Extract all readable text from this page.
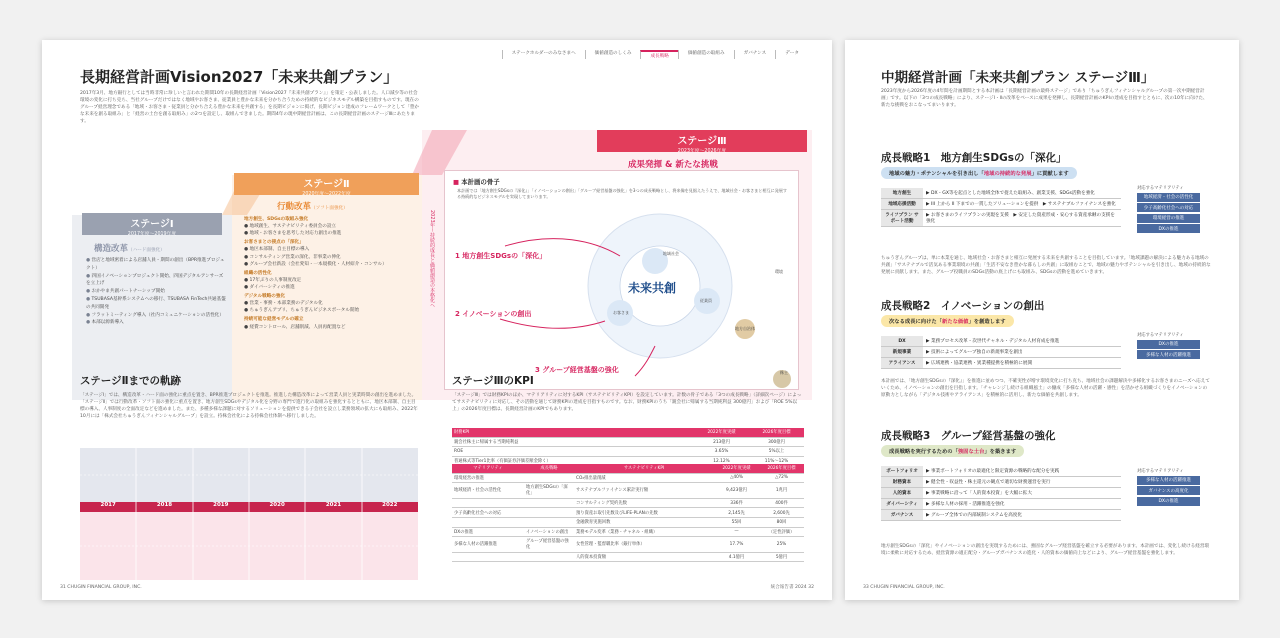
ステークホルダーのみなさまへ	価値創造のしくみ
成長戦略
価値創造の取組み	ガバナンス	データ
長期経営計画Vision2027「未来共創プラン」

2017年3月、地方銀行としては当時非常に珍しいと言われた期間10年の長期経営計画「Vision2027『未来共創プラン』」を策定・公表しました。人口減少等の社会環境の変化に打ち克ち、当社グループだけではなく地域やお客さま、従業員と豊かな未来を分かち合うための持続的なビジネスモデル構築を目指すものです。現在のグループ経営理念である「地域・お客さま・従業員と分かち合える豊かな未来を共創する」を長期ビジョンに掲げ、長期ビジョン達成のフレームワークとして「豊かな未来を創る取組み」と「経営の土台を創る取組み」の2つを設定し、取組んできました。期間4年の現中期経営計画は、この長期経営計画のステージⅢにあたります。

ステージⅠ
2017年度〜2019年度
構造改革（ハード面強化）
● 営店と地域密着による店舗人員・期間の創出（BPR推進プロジェクト）
● 四国イノベーションプロジェクト開始、四国デジタルアンサーズを立上げ
● おかやま共創パートナーシップ開始
● TSUBASA基幹系システムへの移行、TSUBASA FinTech共通基盤の共同開発
● フラットミーティング導入（社内コミュニケーションの活性化）
● 本部以源新導入
ステージⅡ
2020年度〜2022年度
行動改革（ソフト面強化）
地方創生、SDGsの取組み強化
● 地域創生、サステナビリティ委員会の設立
● 地域・お客さまを思考した対応力創出の推進
お客さまとの接点の「深化」
● 地区本部制、自主目標の導入
● コンサルティング営業の深化、非事業の伸化
● グループ会社新設（会社愛知・一本規模化・人材紹介・コンサル）
組織の活性化
● 17年ぶりの人事制度改定
● ダイバーシティの推進
デジタル戦略の強化
● 営業・事務・本部業務のデジタル化
● ちゅうぎんアプリ、ちゅうぎんビジネスポータル開始
持続可能な経営モデルの確立
● 経費コントロール、店舗削減、人員再配置など
2023年〜持続的成長と価値創造の本格化へ
ステージⅢ
2023年度〜2026年度
成果発揮 & 新たな挑戦
■ 本計画の骨子
本計画では「地方創生SDGsの『深化』」「イノベーションの創出」「グループ経営基盤の強化」を3つの成長戦略とし、将来像を見据えたうえで、地域社会・お客さまと相互に発展する持続的なビジネスモデルを実現してまいります。
未来共創
地域社会
お客さま
従業員
地方自治体
株主
環境
1 地方創生SDGsの「深化」
2 イノベーションの創出
3 グループ経営基盤の強化
ステージⅡまでの軌跡

「ステージⅠ」では、構造改革・ハード面の強化に重点を置き、BPR推進プロジェクトを推進。推進した構造改革によって営業人員と実業時間の創出を進めました。「ステージⅡ」では行動改革・ソフト面の強化に重点を置き、地方創生SDGsやデジタル化を分野の専門で進行化の取組みを強化するとともに、地区本部制、自主目標の導入、人事制度の全面改定などを進めました。また、多種多様な課題に対するソリューションを提供できる子会社を設立し業務領域の拡大にも取組み、2022年10月には「株式会社ちゅうぎんフィナンシャルグループ」を設立。持株会社化による持株会社体制へ移行しました。

2017	2018	2019	2020	2021	2022
ステージⅢのKPI

「ステージⅢ」では財務KPIのほか、マテリアリティに対するKPI（サステナビリティKPI）を設定しています。計数の骨子である「3つの成長戦略」（詳細次ページ）によってサステナビリティに対応し、その活動を通じて財務KPIの達成を目指すものです。なお、財務KPIのうち「親会社に帰属する当期純利益 300億円」および「ROE 5%以上」の2026年度目標は、長期経営計画のKPIでもあります。

財務KPI	2022年度実績	2026年度目標
親会社株主に帰属する当期純利益	213億円	300億円
ROE	3.65%	5%以上
普通株式等Tier1比率（有価証券評価差額金除く）	12.12%	11%〜12%
マテリアリティ	成長戦略	サステナビリティKPI	2022年度実績	2026年度目標
環境経営の推進		CO₂排出量削減	△40%	△72%
地域経済・社会の活性化	地方創生SDGsの「深化」	サステナブルファイナンス累計実行額	9,423億円	1兆円
		コンサルティング契約先数	336件	400件
少子高齢化社会への対応		預り資産お取引先数及びLIFE-PLANの先数	2,145先	2,600先
		金融教育実施回数	55回	80回
DXの推進	イノベーションの創出	業務モデル変革（業務・チャネル・組織）	—	（定性評価）
多様な人材の活躍推進	グループ経営基盤の強化	女性管理・監督職比率（銀行単体）	17.7%	25%
		人的資本投資額	4.1億円	5億円
31 CHUGIN FINANCIAL GROUP, INC.	統合報告書 2024 32
中期経営計画「未来共創プラン ステージⅢ」

2023年度から2026年度の4年間を計画期間とする本計画は「長期経営計画の最終ステージ」であり「ちゅうぎんフィナンシャルグループの第一次中期経営計画」です。以下の「3つの成長戦略」により、ステージⅠ・Ⅱの改革をベースに成果を発揮し、長期経営計画のKPIの達成を目指すとともに、次の10年に向けた、新たな挑戦をおこなってまいります。

成長戦略1　地方創生SDGsの「深化」
地域の魅力・ポテンシャルを引き出し「地域の持続的な発展」に貢献します
地方創生	▶ DX・GX等を起点とした地域全体で捉えた取組み、創業支援、SDGs活動を強化
地域応援活動	▶ III 上から II 下までの一貫したソリューションを提供　▶ サステナブルファイナンスを強化
ライフプラン サポート活動	▶ お客さまのライフプランの実現を支援　▶ 安定した資産形成・安心する資産承継の支援を強化
対応するマテリアリティ
地域経済・社会の活性化
少子高齢化社会への対応
環境経営の推進
DXの推進

ちゅうぎんグループは、単に本業を通じ、地域社会・お客さまと相互に発展する未来を共創することを目指しています。「地域課題の解決による魅力ある地域の共創」「サステナブルで活気ある事業環境の共創」「生活不安なき豊かな暮らしの共創」に取組むことで、地域の魅力やポテンシャルを引き出し、地域の持続的な発展に貢献します。また、グループ役職員のSDGs活動の底上げにも取組み、SDGsの活動を進めていきます。

成長戦略2　イノベーションの創出
次なる成長に向けた「新たな価値」を創造します
DX	▶ 業務プロセス改革・次世代チャネル・デジタル人材育成を推進
新規事業	▶ 技術によってグループ独自の新規事業を創出
アライアンス	▶ 広域連携・協業連携・異業種提携を積極的に展開
対応するマテリアリティ
DXの推進
多様な人材の活躍推進

本計画では、「地方創生SDGsの『深化』」を推進に並めつつ、不確実性が増す環境変化に打ち克ち、地域社会の課題解決や多様化するお客さまのニーズへ応えていくため、イノベーションの創出を目指します。「チャレンジし続ける組織風土」の醸成「多様な人材の活躍・感性」を活かせる組織づくりをイノベーションの原動力としながら「デジタル技術やアライアンス」を積極的に活用し、新たな価値を共創します。

成長戦略3　グループ経営基盤の強化
成長戦略を実行するための「強固な土台」を築きます
ポートフォリオ	▶ 事業ポートフォリオの最適化と限定資源の戦略的な配分を実践
財務資本	▶ 健全性・収益性・株主還元の観点で適切な財務運営を実行
人的資本	▶ 事業戦略に沿って「人的資本投資」を大幅に拡大
ダイバーシティ	▶ 多様な人材の採用・活躍推進を強化
ガバナンス	▶ グループ全体での内部統制システムを高度化
対応するマテリアリティ
多様な人材の活躍推進
ガバナンスの高度化
DXの推進

地方創生SDGsの「深化」やイノベーションの創出を実現するためには、強固なグループ経営基盤を確立する必要があります。本計画では、変化し続ける経営環境に柔軟に対応するため、経営資源の適正配分・グループガバナンスの進化・人的資本の価値向上などにより、グループ経営基盤を強化します。

33 CHUGIN FINANCIAL GROUP, INC.
